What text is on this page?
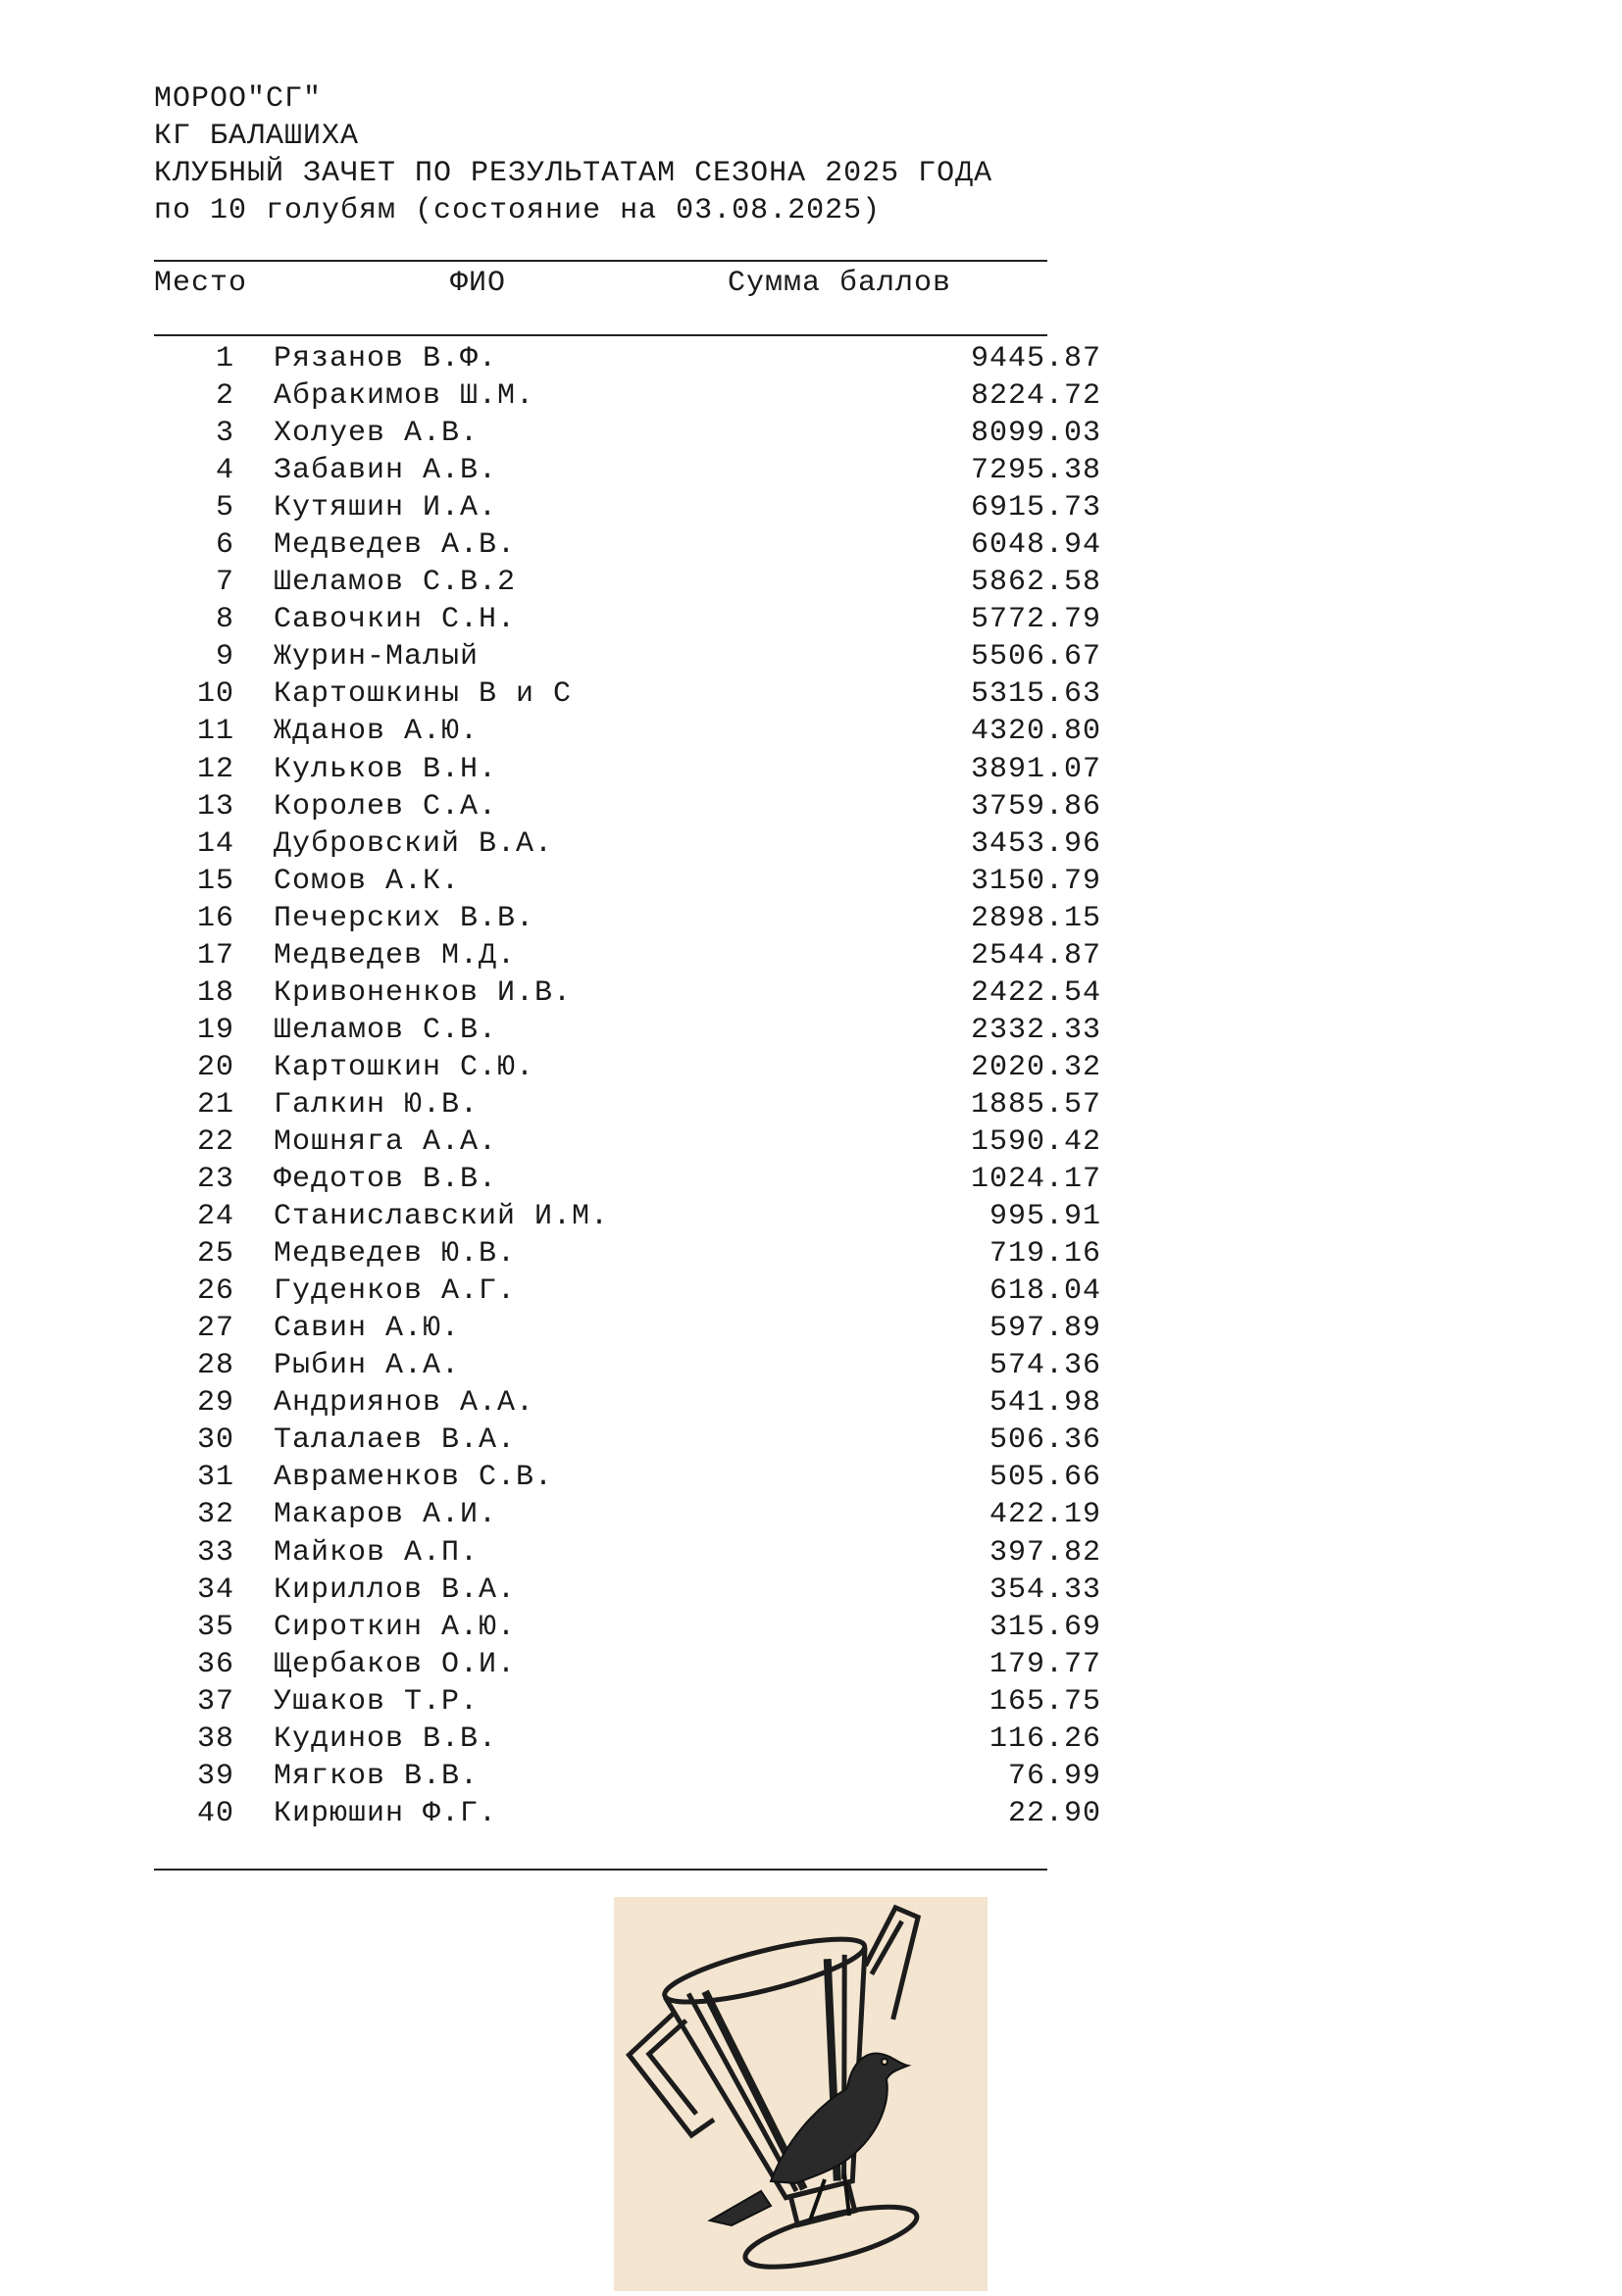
МОРОО"СГ"
КГ БАЛАШИХА
КЛУБНЫЙ ЗАЧЕТ ПО РЕЗУЛЬТАТАМ СЕЗОНА 2025 ГОДА
по 10 голубям (состояние на 03.08.2025)
Место	ФИО	Сумма баллов
1 Рязанов В.Ф.	9445.87
2 Абракимов Ш.М.	8224.72
3 Холуев А.В.	8099.03
4 Забавин А.В.	7295.38
5 Кутяшин И.А.	6915.73
6 Медведев А.В.	6048.94
7 Шеламов С.В.2	5862.58
8 Савочкин С.Н.	5772.79
9 Журин-Малый	5506.67
10 Картошкины В и С	5315.63
11 Жданов А.Ю.	4320.80
12 Кульков В.Н.	3891.07
13 Королев С.А.	3759.86
14 Дубровский В.А.	3453.96
15 Сомов А.К.	3150.79
16 Печерских В.В.	2898.15
17 Медведев М.Д.	2544.87
18 Кривоненков И.В.	2422.54
19 Шеламов С.В.	2332.33
20 Картошкин С.Ю.	2020.32
21 Галкин Ю.В.	1885.57
22 Мошняга А.А.	1590.42
23 Федотов В.В.	1024.17
24 Станиславский И.М.	995.91
25 Медведев Ю.В.	719.16
26 Гуденков А.Г.	618.04
27 Савин А.Ю.	597.89
28 Рыбин А.А.	574.36
29 Андриянов А.А.	541.98
30 Талалаев В.А.	506.36
31 Авраменков С.В.	505.66
32 Макаров А.И.	422.19
33 Майков А.П.	397.82
34 Кириллов В.А.	354.33
35 Сироткин А.Ю.	315.69
36 Щербаков О.И.	179.77
37 Ушаков Т.Р.	165.75
38 Кудинов В.В.	116.26
39 Мягков В.В.	76.99
40 Кирюшин Ф.Г.	22.90
